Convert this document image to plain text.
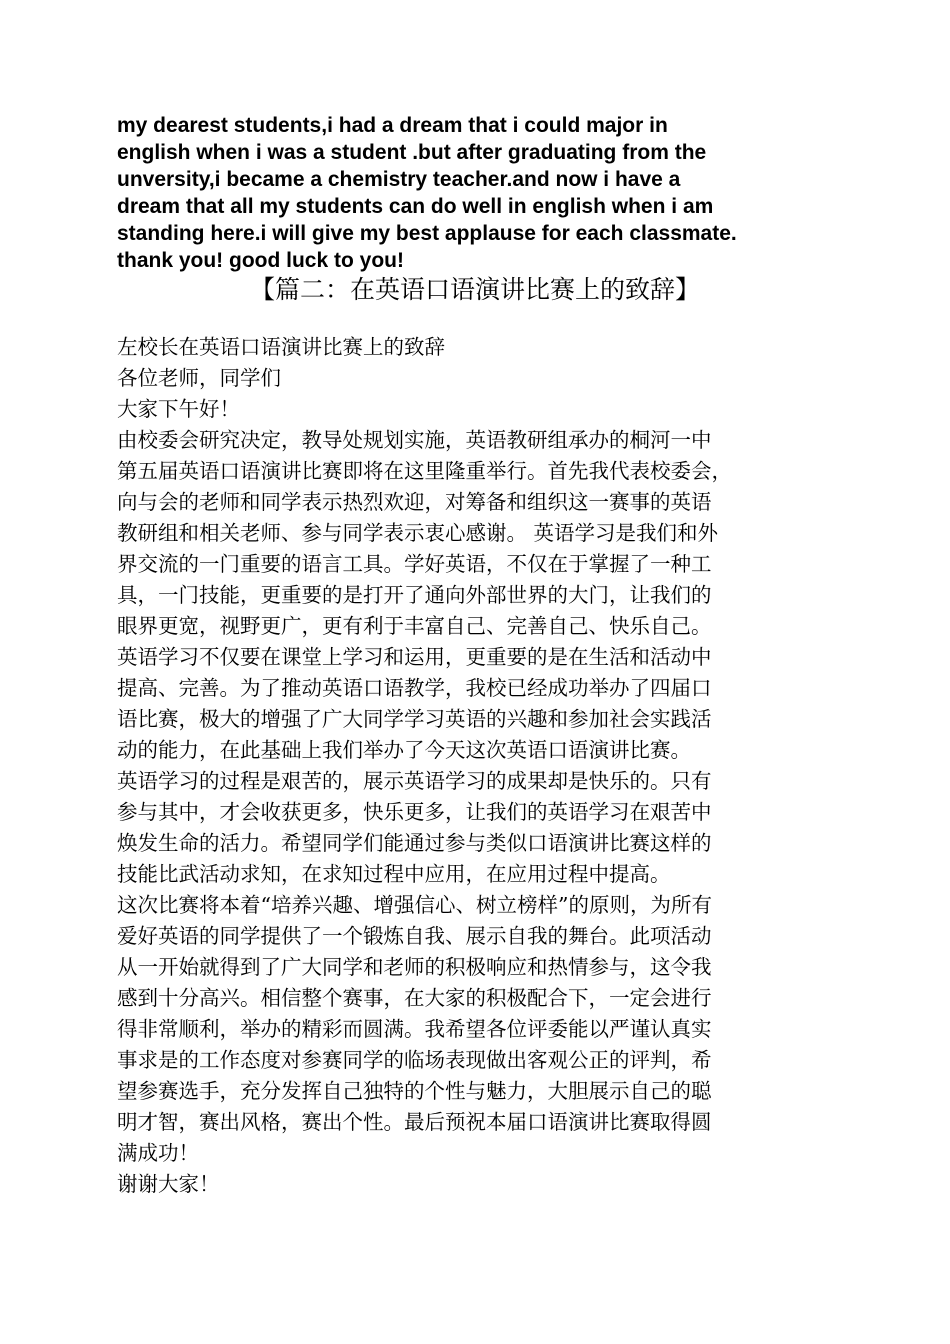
my dearest students,i had a dream that i could major in
english when i was a student .but after graduating from the
unversity,i became a chemistry teacher.and now i have a
dream that all my students can do well in english when i am
standing here.i will give my best applause for each classmate.
thank you! good luck to you!
【篇二：在英语口语演讲比赛上的致辞】
左校长在英语口语演讲比赛上的致辞
各位老师，同学们
大家下午好！
由校委会研究决定，教导处规划实施，英语教研组承办的桐河一中
第五届英语口语演讲比赛即将在这里隆重举行。首先我代表校委会，
向与会的老师和同学表示热烈欢迎，对筹备和组织这一赛事的英语
教研组和相关老师、参与同学表示衷心感谢。 英语学习是我们和外
界交流的一门重要的语言工具。学好英语，不仅在于掌握了一种工
具，一门技能，更重要的是打开了通向外部世界的大门，让我们的
眼界更宽，视野更广，更有利于丰富自己、完善自己、快乐自己。
英语学习不仅要在课堂上学习和运用，更重要的是在生活和活动中
提高、完善。为了推动英语口语教学，我校已经成功举办了四届口
语比赛，极大的增强了广大同学学习英语的兴趣和参加社会实践活
动的能力，在此基础上我们举办了今天这次英语口语演讲比赛。
英语学习的过程是艰苦的，展示英语学习的成果却是快乐的。只有
参与其中，才会收获更多，快乐更多，让我们的英语学习在艰苦中
焕发生命的活力。希望同学们能通过参与类似口语演讲比赛这样的
技能比武活动求知，在求知过程中应用，在应用过程中提高。
这次比赛将本着“培养兴趣、增强信心、树立榜样”的原则，为所有
爱好英语的同学提供了一个锻炼自我、展示自我的舞台。此项活动
从一开始就得到了广大同学和老师的积极响应和热情参与，这令我
感到十分高兴。相信整个赛事，在大家的积极配合下，一定会进行
得非常顺利，举办的精彩而圆满。我希望各位评委能以严谨认真实
事求是的工作态度对参赛同学的临场表现做出客观公正的评判，希
望参赛选手，充分发挥自己独特的个性与魅力，大胆展示自己的聪
明才智，赛出风格，赛出个性。最后预祝本届口语演讲比赛取得圆
满成功！
谢谢大家！
